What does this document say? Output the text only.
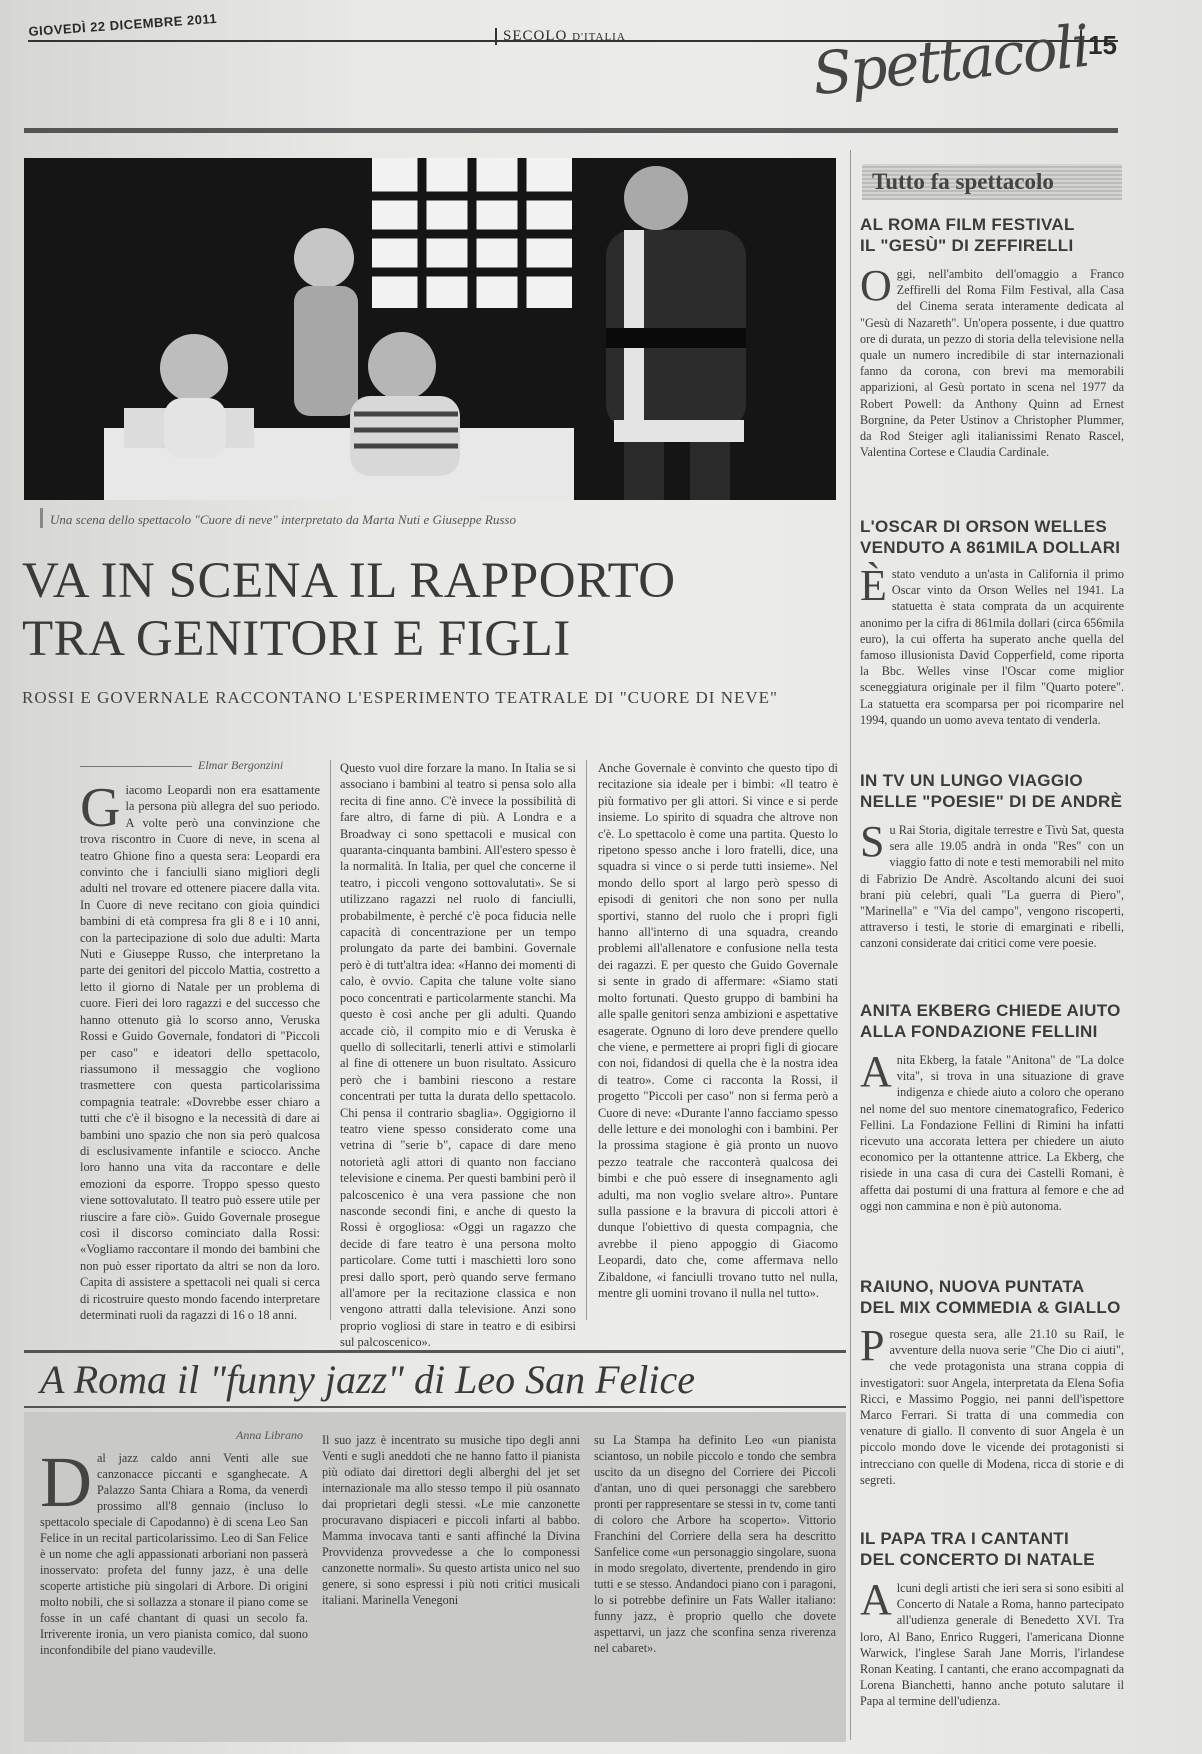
GIOVEDÌ 22 DICEMBRE 2011	SECOLO D'ITALIA	Spettacoli
15
Una scena dello spettacolo "Cuore di neve" interpretato da Marta Nuti e Giuseppe Russo
VA IN SCENA IL RAPPORTO
TRA GENITORI E FIGLI
ROSSI E GOVERNALE RACCONTANO L'ESPERIMENTO TEATRALE DI "CUORE DI NEVE"
Elmar Bergonzini
G iacomo Leopardi non era esattamente la persona più allegra del suo periodo. A volte però una convinzione che trova riscontro in Cuore di neve, in scena al teatro Ghione fino a questa sera: Leopardi era convinto che i fanciulli siano migliori degli adulti nel trovare ed ottenere piacere dalla vita. In Cuore di neve recitano con gioia quindici bambini di età compresa fra gli 8 e i 10 anni, con la partecipazione di solo due adulti: Marta Nuti e Giuseppe Russo, che interpretano la parte dei genitori del piccolo Mattia, costretto a letto il giorno di Natale per un problema di cuore. Fieri dei loro ragazzi e del successo che hanno ottenuto già lo scorso anno, Veruska Rossi e Guido Governale, fondatori di "Piccoli per caso" e ideatori dello spettacolo, riassumono il messaggio che vogliono trasmettere con questa particolarissima compagnia teatrale: «Dovrebbe esser chiaro a tutti che c'è il bisogno e la necessità di dare ai bambini uno spazio che non sia però qualcosa di esclusivamente infantile e sciocco. Anche loro hanno una vita da raccontare e delle emozioni da esporre. Troppo spesso questo viene sottovalutato. Il teatro può essere utile per riuscire a fare ciò». Guido Governale prosegue così il discorso cominciato dalla Rossi: «Vogliamo raccontare il mondo dei bambini che non può esser riportato da altri se non da loro. Capita di assistere a spettacoli nei quali si cerca di ricostruire questo mondo facendo interpretare determinati ruoli da ragazzi di 16 o 18 anni.
Questo vuol dire forzare la mano. In Italia se si associano i bambini al teatro si pensa solo alla recita di fine anno. C'è invece la possibilità di fare altro, di farne di più. A Londra e a Broadway ci sono spettacoli e musical con quaranta-cinquanta bambini. All'estero spesso è la normalità. In Italia, per quel che concerne il teatro, i piccoli vengono sottovalutati». Se si utilizzano ragazzi nel ruolo di fanciulli, probabilmente, è perché c'è poca fiducia nelle capacità di concentrazione per un tempo prolungato da parte dei bambini. Governale però è di tutt'altra idea: «Hanno dei momenti di calo, è ovvio. Capita che talune volte siano poco concentrati e particolarmente stanchi. Ma questo è così anche per gli adulti. Quando accade ciò, il compito mio e di Veruska è quello di sollecitarli, tenerli attivi e stimolarli al fine di ottenere un buon risultato. Assicuro però che i bambini riescono a restare concentrati per tutta la durata dello spettacolo. Chi pensa il contrario sbaglia». Oggigiorno il teatro viene spesso considerato come una vetrina di "serie b", capace di dare meno notorietà agli attori di quanto non facciano televisione e cinema. Per questi bambini però il palcoscenico è una vera passione che non nasconde secondi fini, e anche di questo la Rossi è orgogliosa: «Oggi un ragazzo che decide di fare teatro è una persona molto particolare. Come tutti i maschietti loro sono presi dallo sport, però quando serve fermano all'amore per la recitazione classica e non vengono attratti dalla televisione. Anzi sono proprio vogliosi di stare in teatro e di esibirsi sul palcoscenico».
Anche Governale è convinto che questo tipo di recitazione sia ideale per i bimbi: «Il teatro è più formativo per gli attori. Si vince e si perde insieme. Lo spirito di squadra che altrove non c'è. Lo spettacolo è come una partita. Questo lo ripetono spesso anche i loro fratelli, dice, una squadra si vince o si perde tutti insieme». Nel mondo dello sport al largo però spesso di episodi di genitori che non sono per nulla sportivi, stanno del ruolo che i propri figli hanno all'interno di una squadra, creando problemi all'allenatore e confusione nella testa dei ragazzi. E per questo che Guido Governale si sente in grado di affermare: «Siamo stati molto fortunati. Questo gruppo di bambini ha alle spalle genitori senza ambizioni e aspettative esagerate. Ognuno di loro deve prendere quello che viene, e permettere ai propri figli di giocare con noi, fidandosi di quella che è la nostra idea di teatro». Come ci racconta la Rossi, il progetto "Piccoli per caso" non si ferma però a Cuore di neve: «Durante l'anno facciamo spesso delle letture e dei monologhi con i bambini. Per la prossima stagione è già pronto un nuovo pezzo teatrale che racconterà qualcosa dei bimbi e che può essere di insegnamento agli adulti, ma non voglio svelare altro». Puntare sulla passione e la bravura di piccoli attori è dunque l'obiettivo di questa compagnia, che avrebbe il pieno appoggio di Giacomo Leopardi, dato che, come affermava nello Zibaldone, «i fanciulli trovano tutto nel nulla, mentre gli uomini trovano il nulla nel tutto».
A Roma il "funny jazz" di Leo San Felice
Anna Librano
D al jazz caldo anni Venti alle sue canzonacce piccanti e sganghecate. A Palazzo Santa Chiara a Roma, da venerdì prossimo all'8 gennaio (incluso lo spettacolo speciale di Capodanno) è di scena Leo San Felice in un recital particolarissimo. Leo di San Felice è un nome che agli appassionati arboriani non passerà inosservato: profeta del funny jazz, è una delle scoperte artistiche più singolari di Arbore. Di origini molto nobili, che si sollazza a stonare il piano come se fosse in un café chantant di quasi un secolo fa. Irriverente ironia, un vero pianista comico, dal suono inconfondibile del piano vaudeville.
Il suo jazz è incentrato su musiche tipo degli anni Venti e sugli aneddoti che ne hanno fatto il pianista più odiato dai direttori degli alberghi del jet set internazionale ma allo stesso tempo il più osannato dai proprietari degli stessi. «Le mie canzonette procuravano dispiaceri e piccoli infarti al babbo. Mamma invocava tanti e santi affinché la Divina Provvidenza provvedesse a che lo componessi canzonette normali». Su questo artista unico nel suo genere, si sono espressi i più noti critici musicali italiani. Marinella Venegoni
su La Stampa ha definito Leo «un pianista sciantoso, un nobile piccolo e tondo che sembra uscito da un disegno del Corriere dei Piccoli d'antan, uno di quei personaggi che sarebbero pronti per rappresentare se stessi in tv, come tanti di coloro che Arbore ha scoperto». Vittorio Franchini del Corriere della sera ha descritto Sanfelice come «un personaggio singolare, suona in modo sregolato, divertente, prendendo in giro tutti e se stesso. Andandoci piano con i paragoni, lo si potrebbe definire un Fats Waller italiano: funny jazz, è proprio quello che dovete aspettarvi, un jazz che sconfina senza riverenza nel cabaret».
Tutto fa spettacolo
AL ROMA FILM FESTIVAL
IL "GESÙ" DI ZEFFIRELLI
O ggi, nell'ambito dell'omaggio a Franco Zeffirelli del Roma Film Festival, alla Casa del Cinema serata interamente dedicata al "Gesù di Nazareth". Un'opera possente, i due quattro ore di durata, un pezzo di storia della televisione nella quale un numero incredibile di star internazionali fanno da corona, con brevi ma memorabili apparizioni, al Gesù portato in scena nel 1977 da Robert Powell: da Anthony Quinn ad Ernest Borgnine, da Peter Ustinov a Christopher Plummer, da Rod Steiger agli italianissimi Renato Rascel, Valentina Cortese e Claudia Cardinale.
L'OSCAR DI ORSON WELLES
VENDUTO A 861MILA DOLLARI
È stato venduto a un'asta in California il primo Oscar vinto da Orson Welles nel 1941. La statuetta è stata comprata da un acquirente anonimo per la cifra di 861mila dollari (circa 656mila euro), la cui offerta ha superato anche quella del famoso illusionista David Copperfield, come riporta la Bbc. Welles vinse l'Oscar come miglior sceneggiatura originale per il film "Quarto potere". La statuetta era scomparsa per poi ricomparire nel 1994, quando un uomo aveva tentato di venderla.
IN TV UN LUNGO VIAGGIO
NELLE "POESIE" DI DE ANDRÈ
S u Rai Storia, digitale terrestre e Tivù Sat, questa sera alle 19.05 andrà in onda "Res" con un viaggio fatto di note e testi memorabili nel mito di Fabrizio De Andrè. Ascoltando alcuni dei suoi brani più celebri, quali "La guerra di Piero", "Marinella" e "Via del campo", vengono riscoperti, attraverso i testi, le storie di emarginati e ribelli, canzoni considerate dai critici come vere poesie.
ANITA EKBERG CHIEDE AIUTO
ALLA FONDAZIONE FELLINI
A nita Ekberg, la fatale "Anitona" de "La dolce vita", si trova in una situazione di grave indigenza e chiede aiuto a coloro che operano nel nome del suo mentore cinematografico, Federico Fellini. La Fondazione Fellini di Rimini ha infatti ricevuto una accorata lettera per chiedere un aiuto economico per la ottantenne attrice. La Ekberg, che risiede in una casa di cura dei Castelli Romani, è affetta dai postumi di una frattura al femore e che ad oggi non cammina e non è più autonoma.
RAIUNO, NUOVA PUNTATA
DEL MIX COMMEDIA & GIALLO
P rosegue questa sera, alle 21.10 su RaiI, le avventure della nuova serie "Che Dio ci aiuti", che vede protagonista una strana coppia di investigatori: suor Angela, interpretata da Elena Sofia Ricci, e Massimo Poggio, nei panni dell'ispettore Marco Ferrari. Si tratta di una commedia con venature di giallo. Il convento di suor Angela è un piccolo mondo dove le vicende dei protagonisti si intrecciano con quelle di Modena, ricca di storie e di segreti.
IL PAPA TRA I CANTANTI
DEL CONCERTO DI NATALE
A lcuni degli artisti che ieri sera si sono esibiti al Concerto di Natale a Roma, hanno partecipato all'udienza generale di Benedetto XVI. Tra loro, Al Bano, Enrico Ruggeri, l'americana Dionne Warwick, l'inglese Sarah Jane Morris, l'irlandese Ronan Keating. I cantanti, che erano accompagnati da Lorena Bianchetti, hanno anche potuto salutare il Papa al termine dell'udienza.
